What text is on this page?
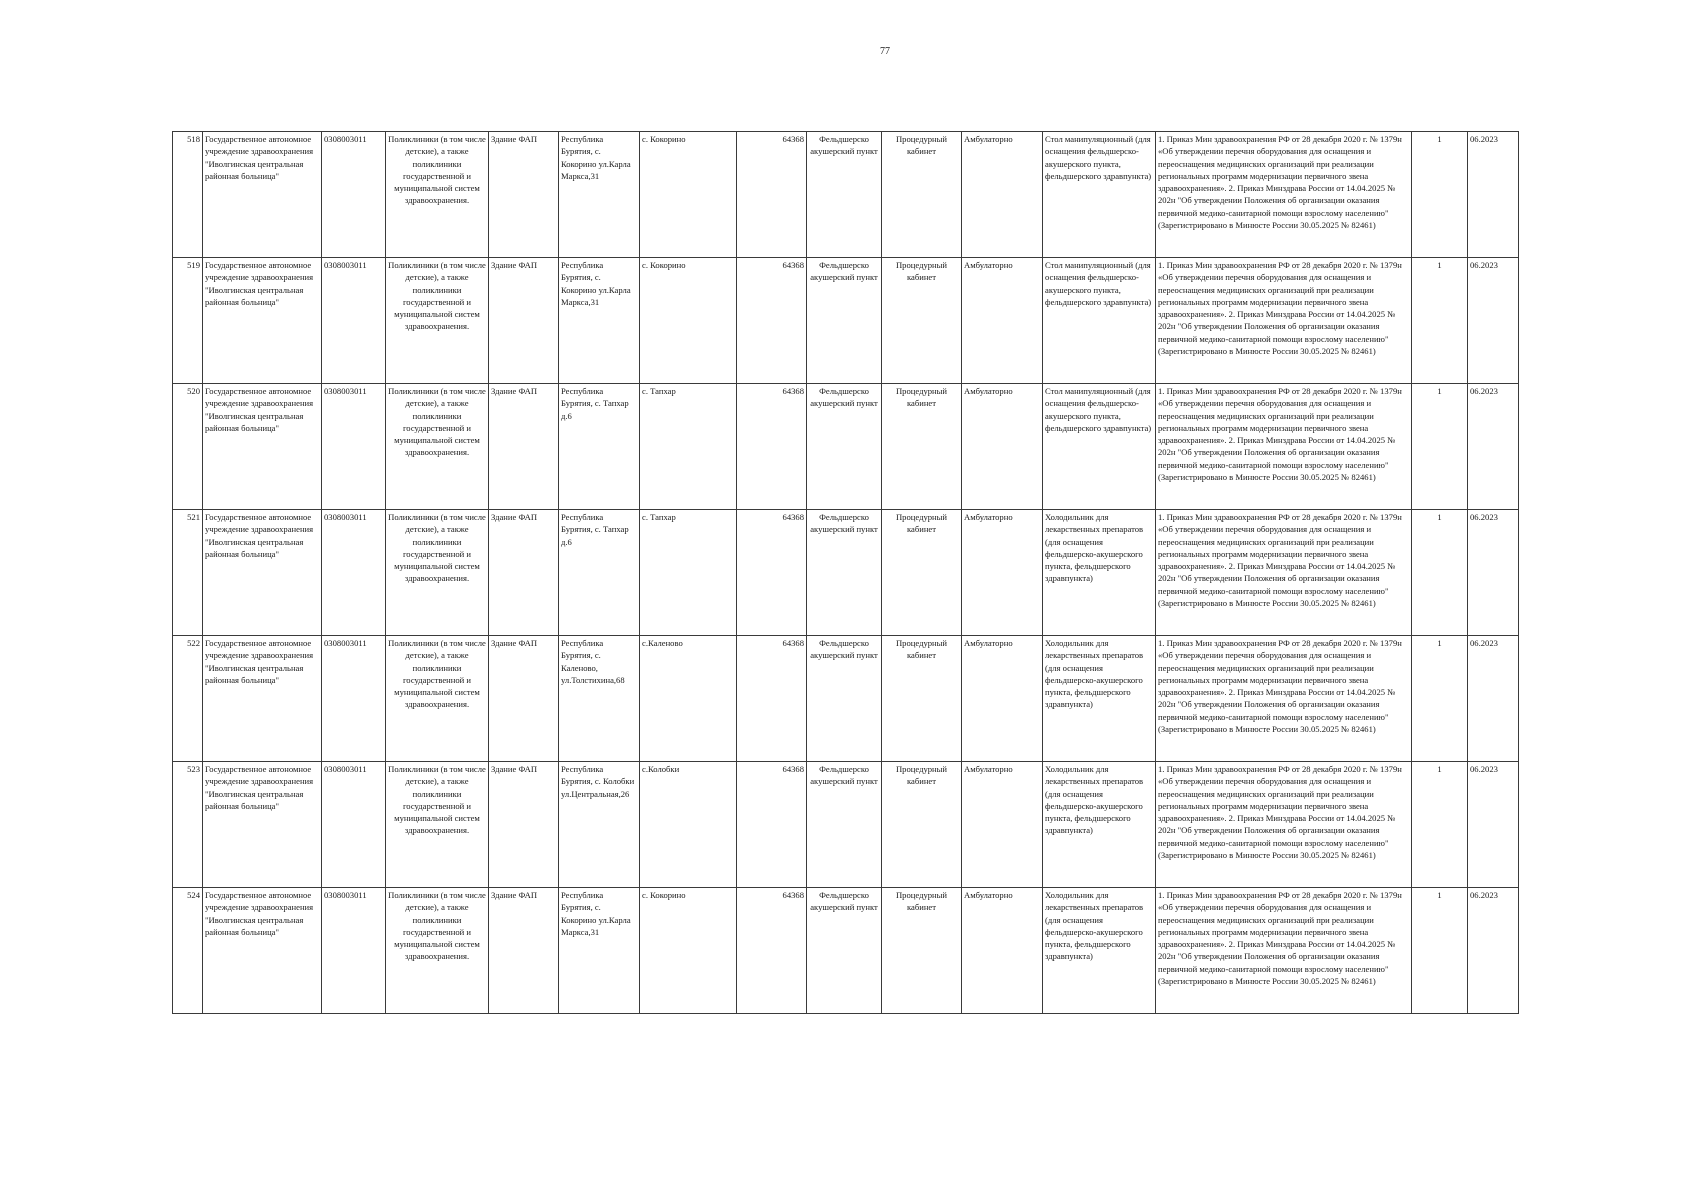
77
518	Государственное автономное учреждение здравоохранения "Иволгинская центральная районная больница"	0308003011	Поликлиники (в том числе детские), а также поликлиники государственной и муниципальной систем здравоохранения.	Здание ФАП	Республика Бурятия, с. Кокорино ул.Карла Маркса,31	с. Кокорино	64368	Фельдшерско акушерский пункт	Процедурный кабинет	Амбулаторно	Стол манипуляционный (для оснащения фельдшерско-акушерского пункта, фельдшерского здравпункта)	1. Приказ Мин здравоохранения РФ от 28 декабря 2020 г. № 1379н «Об утверждении перечня оборудования для оснащения и переоснащения медицинских организаций при реализации региональных программ модернизации первичного звена здравоохранения». 2. Приказ Минздрава России от 14.04.2025 № 202н "Об утверждении Положения об организации оказания первичной медико-санитарной помощи взрослому населению" (Зарегистрировано в Минюсте России 30.05.2025 № 82461)	1	06.2023
519	Государственное автономное учреждение здравоохранения "Иволгинская центральная районная больница"	0308003011	Поликлиники (в том числе детские), а также поликлиники государственной и муниципальной систем здравоохранения.	Здание ФАП	Республика Бурятия, с. Кокорино ул.Карла Маркса,31	с. Кокорино	64368	Фельдшерско акушерский пункт	Процедурный кабинет	Амбулаторно	Стол манипуляционный (для оснащения фельдшерско-акушерского пункта, фельдшерского здравпункта)	1. Приказ Мин здравоохранения РФ от 28 декабря 2020 г. № 1379н «Об утверждении перечня оборудования для оснащения и переоснащения медицинских организаций при реализации региональных программ модернизации первичного звена здравоохранения». 2. Приказ Минздрава России от 14.04.2025 № 202н "Об утверждении Положения об организации оказания первичной медико-санитарной помощи взрослому населению" (Зарегистрировано в Минюсте России 30.05.2025 № 82461)	1	06.2023
520	Государственное автономное учреждение здравоохранения "Иволгинская центральная районная больница"	0308003011	Поликлиники (в том числе детские), а также поликлиники государственной и муниципальной систем здравоохранения.	Здание ФАП	Республика Бурятия, с. Тапхар д.6	с. Тапхар	64368	Фельдшерско акушерский пункт	Процедурный кабинет	Амбулаторно	Стол манипуляционный (для оснащения фельдшерско-акушерского пункта, фельдшерского здравпункта)	1. Приказ Мин здравоохранения РФ от 28 декабря 2020 г. № 1379н «Об утверждении перечня оборудования для оснащения и переоснащения медицинских организаций при реализации региональных программ модернизации первичного звена здравоохранения». 2. Приказ Минздрава России от 14.04.2025 № 202н "Об утверждении Положения об организации оказания первичной медико-санитарной помощи взрослому населению" (Зарегистрировано в Минюсте России 30.05.2025 № 82461)	1	06.2023
521	Государственное автономное учреждение здравоохранения "Иволгинская центральная районная больница"	0308003011	Поликлиники (в том числе детские), а также поликлиники государственной и муниципальной систем здравоохранения.	Здание ФАП	Республика Бурятия, с. Тапхар д.6	с. Тапхар	64368	Фельдшерско акушерский пункт	Процедурный кабинет	Амбулаторно	Холодильник для лекарственных препаратов (для оснащения фельдшерско-акушерского пункта, фельдшерского здравпункта)	1. Приказ Мин здравоохранения РФ от 28 декабря 2020 г. № 1379н «Об утверждении перечня оборудования для оснащения и переоснащения медицинских организаций при реализации региональных программ модернизации первичного звена здравоохранения». 2. Приказ Минздрава России от 14.04.2025 № 202н "Об утверждении Положения об организации оказания первичной медико-санитарной помощи взрослому населению" (Зарегистрировано в Минюсте России 30.05.2025 № 82461)	1	06.2023
522	Государственное автономное учреждение здравоохранения "Иволгинская центральная районная больница"	0308003011	Поликлиники (в том числе детские), а также поликлиники государственной и муниципальной систем здравоохранения.	Здание ФАП	Республика Бурятия, с. Каленово, ул.Толстихина,68	с.Каленово	64368	Фельдшерско акушерский пункт	Процедурный кабинет	Амбулаторно	Холодильник для лекарственных препаратов (для оснащения фельдшерско-акушерского пункта, фельдшерского здравпункта)	1. Приказ Мин здравоохранения РФ от 28 декабря 2020 г. № 1379н «Об утверждении перечня оборудования для оснащения и переоснащения медицинских организаций при реализации региональных программ модернизации первичного звена здравоохранения». 2. Приказ Минздрава России от 14.04.2025 № 202н "Об утверждении Положения об организации оказания первичной медико-санитарной помощи взрослому населению" (Зарегистрировано в Минюсте России 30.05.2025 № 82461)	1	06.2023
523	Государственное автономное учреждение здравоохранения "Иволгинская центральная районная больница"	0308003011	Поликлиники (в том числе детские), а также поликлиники государственной и муниципальной систем здравоохранения.	Здание ФАП	Республика Бурятия, с. Колобки ул.Центральная,26	с.Колобки	64368	Фельдшерско акушерский пункт	Процедурный кабинет	Амбулаторно	Холодильник для лекарственных препаратов (для оснащения фельдшерско-акушерского пункта, фельдшерского здравпункта)	1. Приказ Мин здравоохранения РФ от 28 декабря 2020 г. № 1379н «Об утверждении перечня оборудования для оснащения и переоснащения медицинских организаций при реализации региональных программ модернизации первичного звена здравоохранения». 2. Приказ Минздрава России от 14.04.2025 № 202н "Об утверждении Положения об организации оказания первичной медико-санитарной помощи взрослому населению" (Зарегистрировано в Минюсте России 30.05.2025 № 82461)	1	06.2023
524	Государственное автономное учреждение здравоохранения "Иволгинская центральная районная больница"	0308003011	Поликлиники (в том числе детские), а также поликлиники государственной и муниципальной систем здравоохранения.	Здание ФАП	Республика Бурятия, с. Кокорино ул.Карла Маркса,31	с. Кокорино	64368	Фельдшерско акушерский пункт	Процедурный кабинет	Амбулаторно	Холодильник для лекарственных препаратов (для оснащения фельдшерско-акушерского пункта, фельдшерского здравпункта)	1. Приказ Мин здравоохранения РФ от 28 декабря 2020 г. № 1379н «Об утверждении перечня оборудования для оснащения и переоснащения медицинских организаций при реализации региональных программ модернизации первичного звена здравоохранения». 2. Приказ Минздрава России от 14.04.2025 № 202н "Об утверждении Положения об организации оказания первичной медико-санитарной помощи взрослому населению" (Зарегистрировано в Минюсте России 30.05.2025 № 82461)	1	06.2023
